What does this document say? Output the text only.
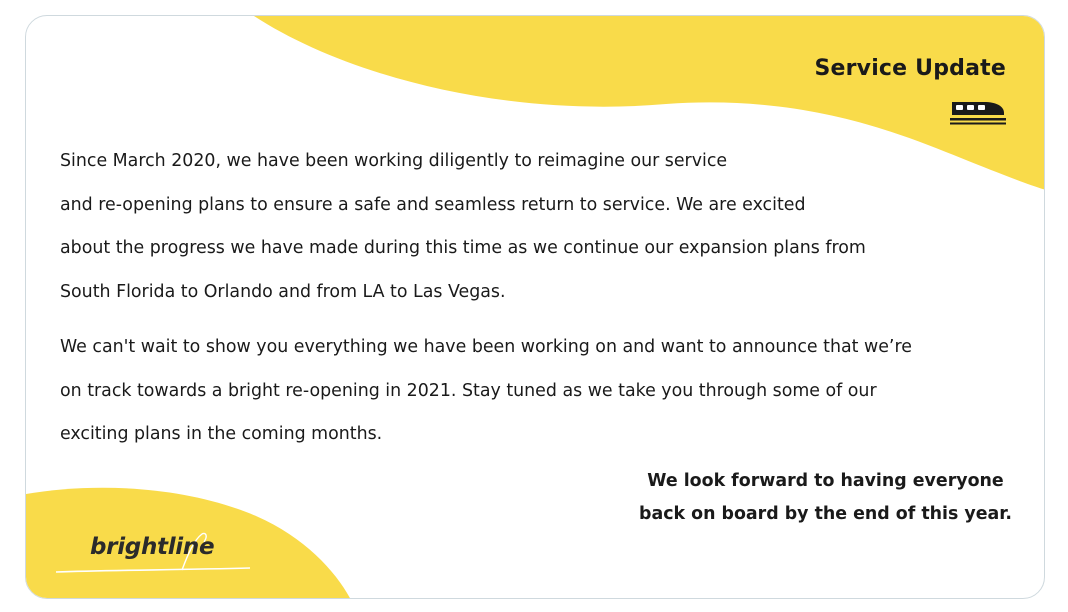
Service Update

Since March 2020, we have been working diligently to reimagine our service
and re-opening plans to ensure a safe and seamless return to service. We are excited
about the progress we have made during this time as we continue our expansion plans from
South Florida to Orlando and from LA to Las Vegas.

We can't wait to show you everything we have been working on and want to announce that we’re
on track towards a bright re-opening in 2021. Stay tuned as we take you through some of our
exciting plans in the coming months.

We look forward to having everyone
back on board by the end of this year.
brightline
